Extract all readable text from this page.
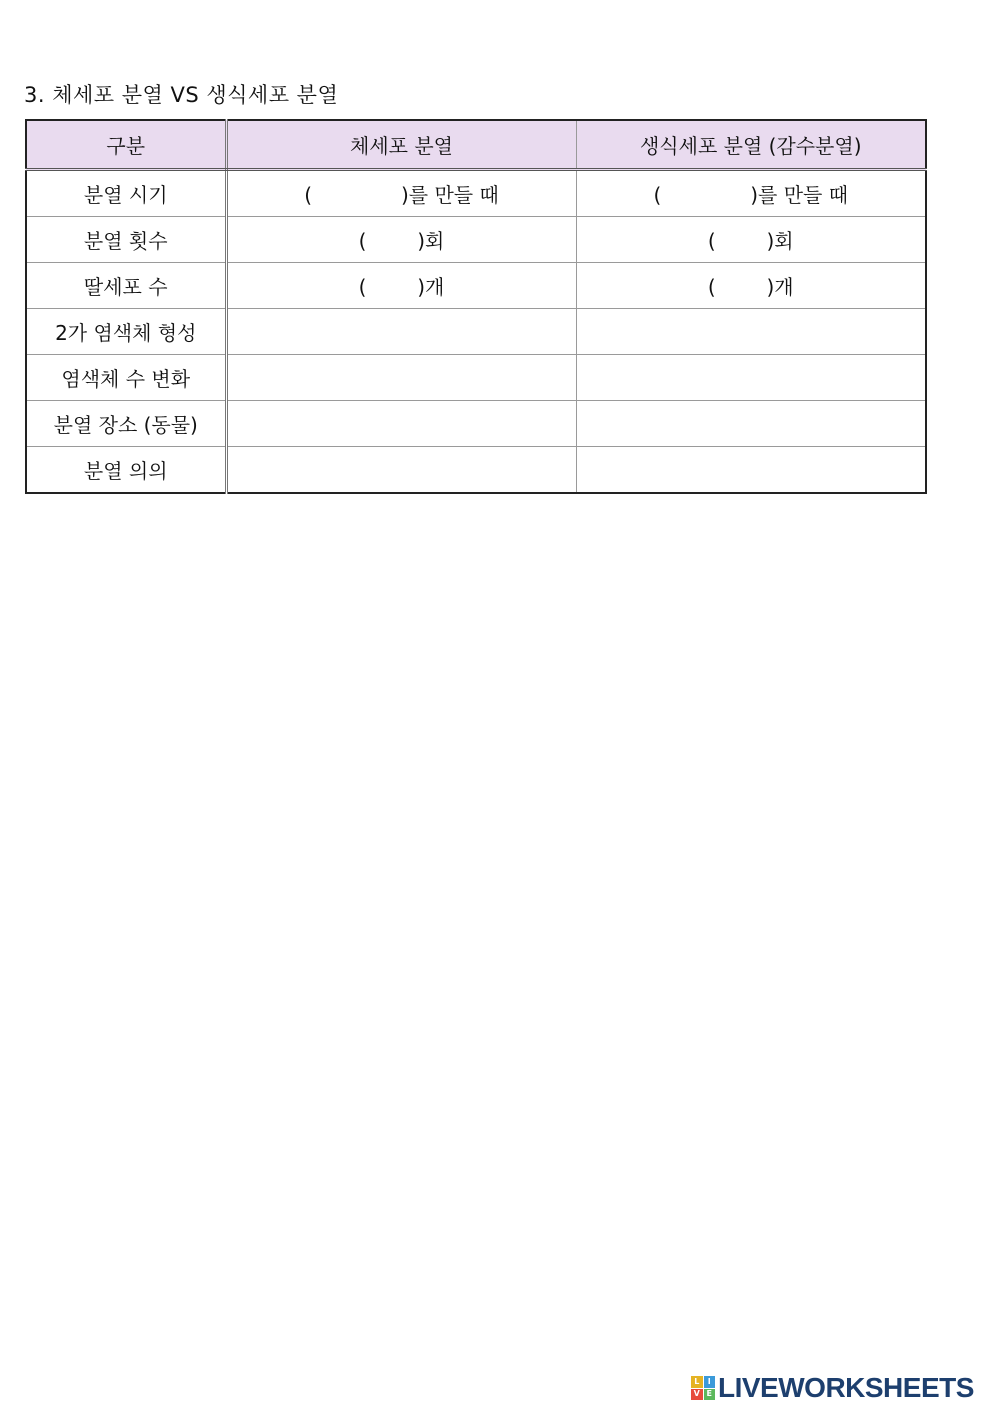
3. 체세포 분열 VS 생식세포 분열
구분	체세포 분열	생식세포 분열 (감수분열)
분열 시기	(              )를 만들 때	(              )를 만들 때
분열 횟수	(        )회	(        )회
딸세포 수	(        )개	(        )개
2가 염색체 형성		
염색체 수 변화		
분열 장소 (동물)		
분열 의의		
L	I
V E LIVEWORKSHEETS
